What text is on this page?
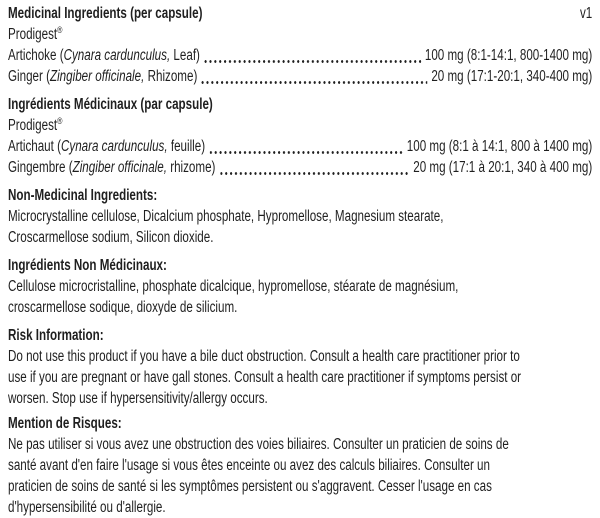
Medicinal Ingredients (per capsule)	v1
Prodigest®
Artichoke (Cynara cardunculus, Leaf)	100 mg (8:1-14:1, 800-1400 mg)
Ginger (Zingiber officinale, Rhizome)	20 mg (17:1-20:1, 340-400 mg)
Ingrédients Médicinaux (par capsule)
Prodigest®
Artichaut (Cynara cardunculus, feuille)	100 mg (8:1 à 14:1, 800 à 1400 mg)
Gingembre (Zingiber officinale, rhizome)	20 mg (17:1 à 20:1, 340 à 400 mg)
Non-Medicinal Ingredients:
Microcrystalline cellulose, Dicalcium phosphate, Hypromellose, Magnesium stearate,
Croscarmellose sodium, Silicon dioxide.
Ingrédients Non Médicinaux:
Cellulose microcristalline, phosphate dicalcique, hypromellose, stéarate de magnésium,
croscarmellose sodique, dioxyde de silicium.
Risk Information:
Do not use this product if you have a bile duct obstruction. Consult a health care practitioner prior to
use if you are pregnant or have gall stones. Consult a health care practitioner if symptoms persist or
worsen. Stop use if hypersensitivity/allergy occurs.
Mention de Risques:
Ne pas utiliser si vous avez une obstruction des voies biliaires. Consulter un praticien de soins de
santé avant d'en faire l'usage si vous êtes enceinte ou avez des calculs biliaires. Consulter un
praticien de soins de santé si les symptômes persistent ou s'aggravent. Cesser l'usage en cas
d'hypersensibilité ou d'allergie.
